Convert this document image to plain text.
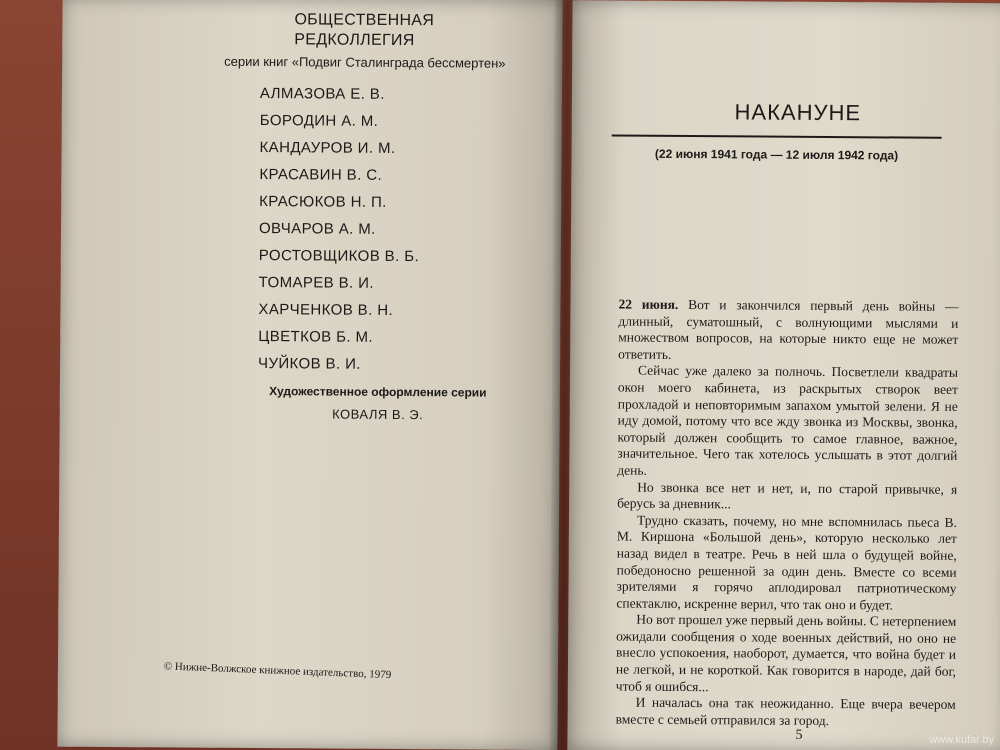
ОБЩЕСТВЕННАЯ
РЕДКОЛЛЕГИЯ
серии книг «Подвиг Сталинграда бессмертен»
АЛМАЗОВА Е. В.
БОРОДИН А. М.
КАНДАУРОВ И. М.
КРАСАВИН В. С.
КРАСЮКОВ Н. П.
ОВЧАРОВ А. М.
РОСТОВЩИКОВ В. Б.
ТОМАРЕВ В. И.
ХАРЧЕНКОВ В. Н.
ЦВЕТКОВ Б. М.
ЧУЙКОВ В. И.
Художественное оформление серии
КОВАЛЯ В. Э.
© Нижне-Волжское книжное издательство, 1979
НАКАНУНЕ
(22 июня 1941 года — 12 июля 1942 года)

22 июня. Вот и закончился первый день войны — длинный, суматошный, с волнующими мыслями и множеством вопросов, на которые никто еще не может ответить.

Сейчас уже далеко за полночь. Посветлели квадраты окон моего кабинета, из раскрытых створок веет прохладой и неповторимым запахом умытой зелени. Я не иду домой, потому что все жду звонка из Москвы, звонка, который должен сообщить то самое главное, важное, значительное. Чего так хотелось услышать в этот долгий день.

Но звонка все нет и нет, и, по старой привычке, я берусь за дневник...

Трудно сказать, почему, но мне вспомнилась пьеса В. М. Киршона «Большой день», которую несколько лет назад видел в театре. Речь в ней шла о будущей войне, победоносно решенной за один день. Вместе со всеми зрителями я горячо аплодировал патриотическому спектаклю, искренне верил, что так оно и будет.

Но вот прошел уже первый день войны. С нетерпением ожидали сообщения о ходе военных действий, но оно не внесло успокоения, наоборот, думается, что война будет и не легкой, и не короткой. Как говорится в народе, дай бог, чтоб я ошибся...

И началась она так неожиданно. Еще вчера вечером вместе с семьей отправился за город.

5	www.kufar.by
